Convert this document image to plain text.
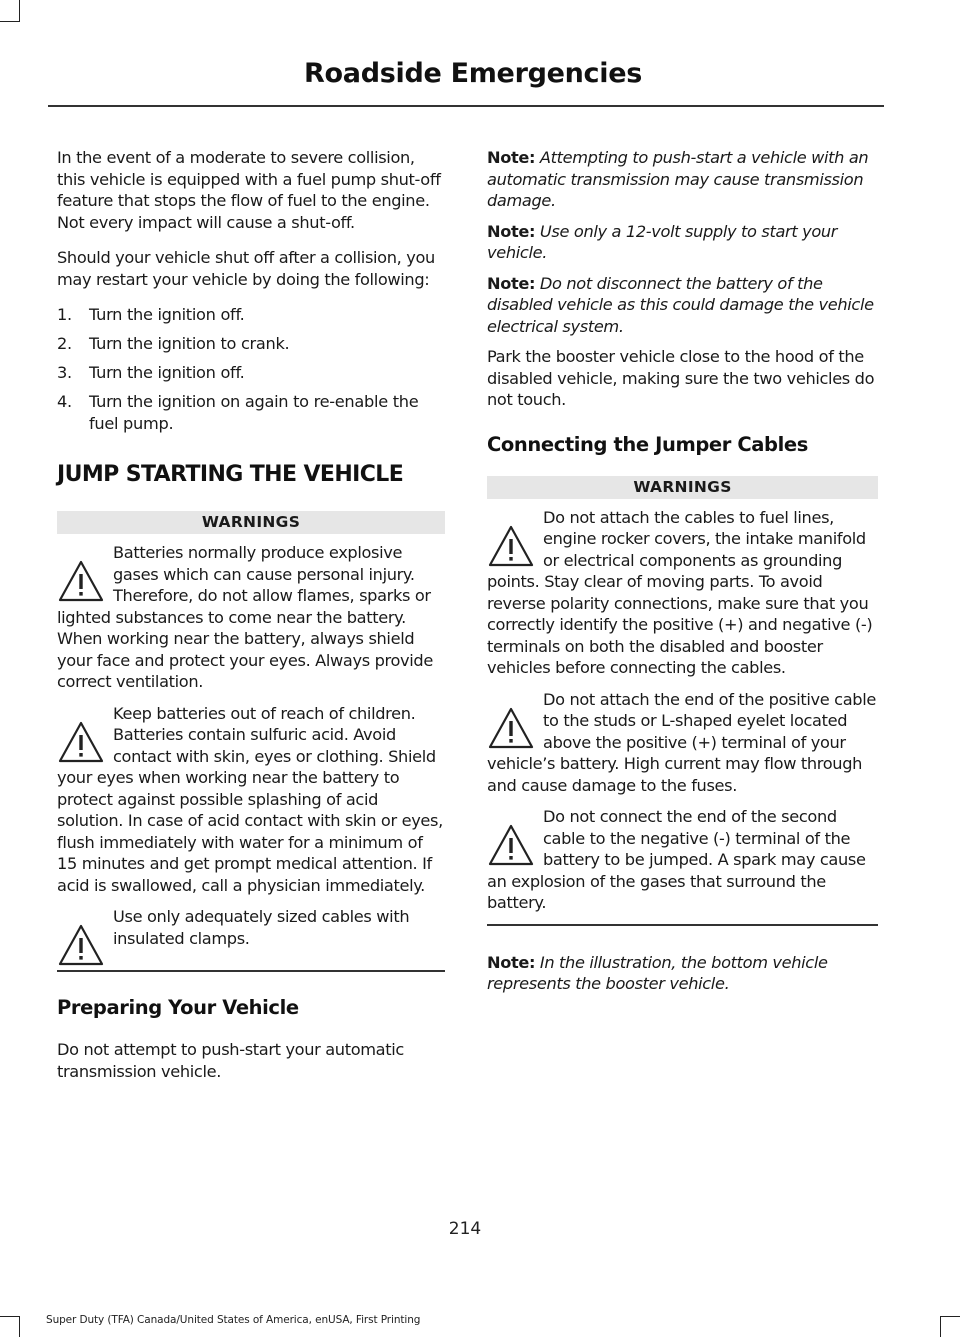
Roadside Emergencies

In the event of a moderate to severe collision, this vehicle is equipped with a fuel pump shut-off feature that stops the flow of fuel to the engine. Not every impact will cause a shut-off.

Should your vehicle shut off after a collision, you may restart your vehicle by doing the following:

1. Turn the ignition off.
2. Turn the ignition to crank.
3. Turn the ignition off.
4. Turn the ignition on again to re-enable the fuel pump.
JUMP STARTING THE VEHICLE
WARNINGS
Batteries normally produce explosive gases which can cause personal injury. Therefore, do not allow flames, sparks or lighted substances to come near the battery. When working near the battery, always shield your face and protect your eyes. Always provide correct ventilation.
Keep batteries out of reach of children. Batteries contain sulfuric acid. Avoid contact with skin, eyes or clothing. Shield your eyes when working near the battery to protect against possible splashing of acid solution. In case of acid contact with skin or eyes, flush immediately with water for a minimum of 15 minutes and get prompt medical attention. If acid is swallowed, call a physician immediately.
Use only adequately sized cables with insulated clamps.
Preparing Your Vehicle

Do not attempt to push-start your automatic transmission vehicle.

Note: Attempting to push-start a vehicle with an automatic transmission may cause transmission damage.

Note: Use only a 12-volt supply to start your vehicle.

Note: Do not disconnect the battery of the disabled vehicle as this could damage the vehicle electrical system.

Park the booster vehicle close to the hood of the disabled vehicle, making sure the two vehicles do not touch.

Connecting the Jumper Cables
WARNINGS
Do not attach the cables to fuel lines, engine rocker covers, the intake manifold or electrical components as grounding points. Stay clear of moving parts. To avoid reverse polarity connections, make sure that you correctly identify the positive (+) and negative (-) terminals on both the disabled and booster vehicles before connecting the cables.
Do not attach the end of the positive cable to the studs or L-shaped eyelet located above the positive (+) terminal of your vehicle’s battery. High current may flow through and cause damage to the fuses.
Do not connect the end of the second cable to the negative (-) terminal of the battery to be jumped. A spark may cause an explosion of the gases that surround the battery.

Note: In the illustration, the bottom vehicle represents the booster vehicle.

214
Super Duty (TFA) Canada/United States of America, enUSA, First Printing
